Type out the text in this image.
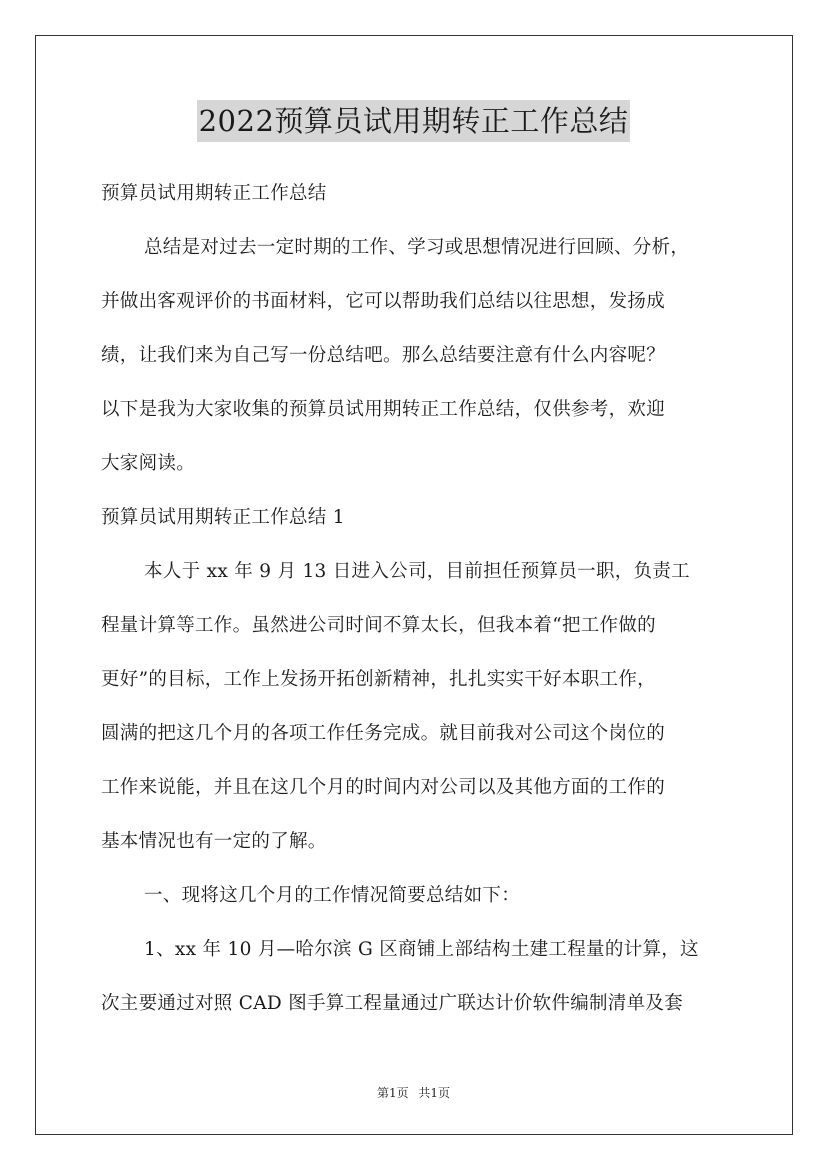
2022预算员试用期转正工作总结
预算员试用期转正工作总结
总结是对过去一定时期的工作、学习或思想情况进行回顾、分析，
并做出客观评价的书面材料，它可以帮助我们总结以往思想，发扬成
绩，让我们来为自己写一份总结吧。那么总结要注意有什么内容呢？
以下是我为大家收集的预算员试用期转正工作总结，仅供参考，欢迎
大家阅读。
预算员试用期转正工作总结 1
本人于 xx 年 9 月 13 日进入公司，目前担任预算员一职，负责工
程量计算等工作。虽然进公司时间不算太长，但我本着“把工作做的
更好”的目标，工作上发扬开拓创新精神，扎扎实实干好本职工作，
圆满的把这几个月的各项工作任务完成。就目前我对公司这个岗位的
工作来说能，并且在这几个月的时间内对公司以及其他方面的工作的
基本情况也有一定的了解。
一、现将这几个月的工作情况简要总结如下：
1、xx 年 10 月—哈尔滨 G 区商铺上部结构土建工程量的计算，这
次主要通过对照 CAD 图手算工程量通过广联达计价软件编制清单及套
第1页 共1页
